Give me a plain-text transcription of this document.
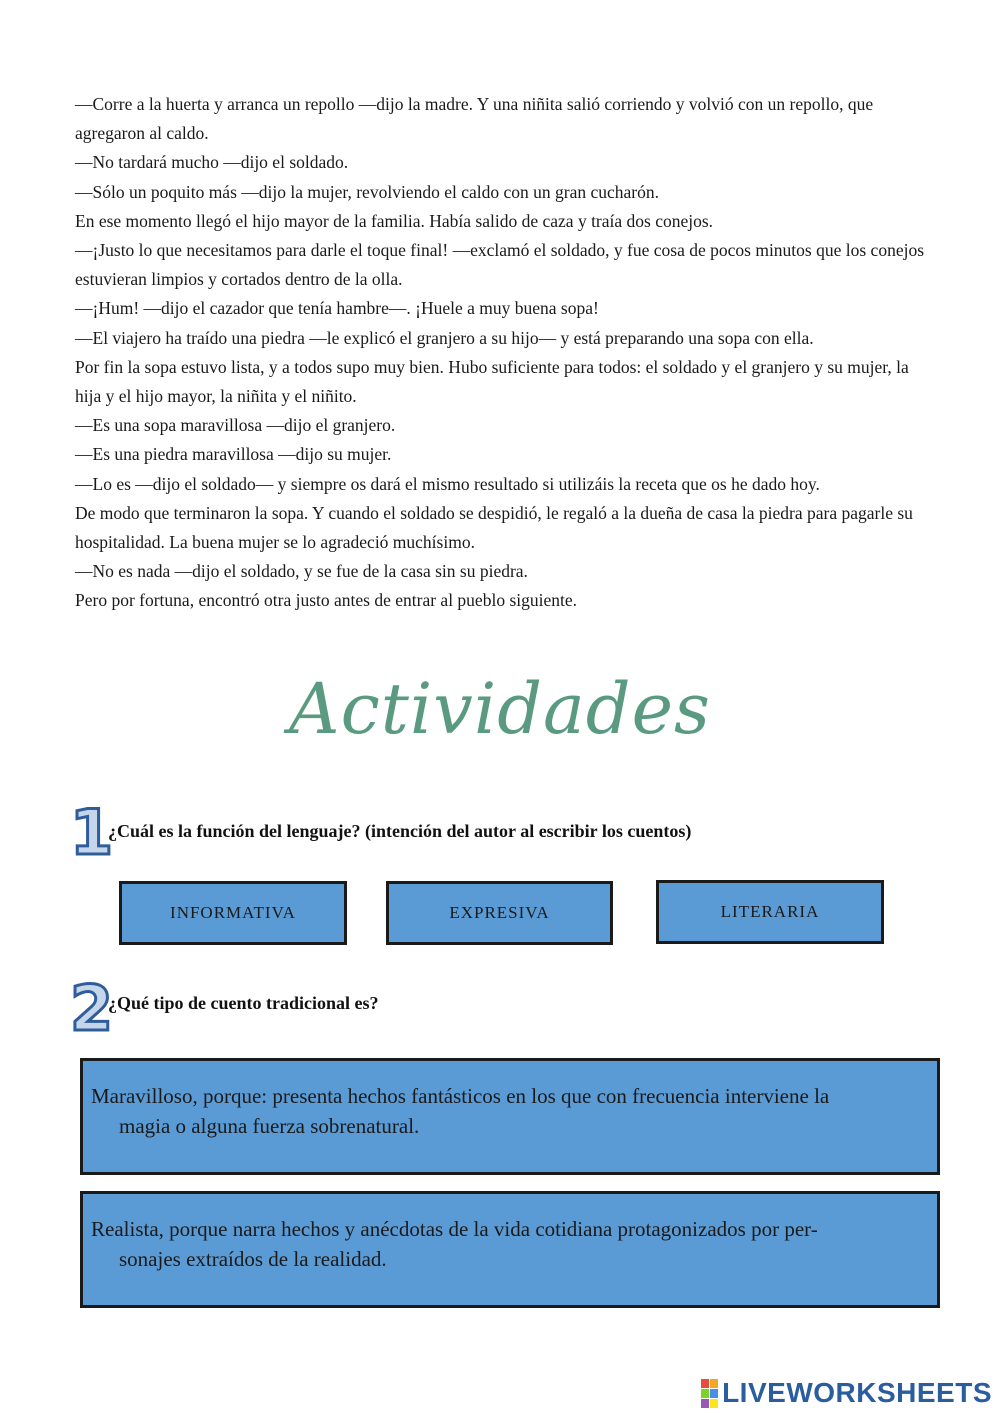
—Corre a la huerta y arranca un repollo —dijo la madre. Y una niñita salió corriendo y volvió con un repollo, que agregaron al caldo.

—No tardará mucho —dijo el soldado.

—Sólo un poquito más —dijo la mujer, revolviendo el caldo con un gran cucharón.

En ese momento llegó el hijo mayor de la familia. Había salido de caza y traía dos conejos.

—¡Justo lo que necesitamos para darle el toque final! —exclamó el soldado, y fue cosa de pocos minutos que los conejos estuvieran limpios y cortados dentro de la olla.

—¡Hum! —dijo el cazador que tenía hambre—. ¡Huele a muy buena sopa!

—El viajero ha traído una piedra —le explicó el granjero a su hijo— y está preparando una sopa con ella.

Por fin la sopa estuvo lista, y a todos supo muy bien. Hubo suficiente para todos: el soldado y el granjero y su mujer, la hija y el hijo mayor, la niñita y el niñito.

—Es una sopa maravillosa —dijo el granjero.

—Es una piedra maravillosa —dijo su mujer.

—Lo es —dijo el soldado— y siempre os dará el mismo resultado si utilizáis la receta que os he dado hoy.

De modo que terminaron la sopa. Y cuando el soldado se despidió, le regaló a la dueña de casa la piedra para pagarle su hospitalidad. La buena mujer se lo agradeció muchísimo.

—No es nada —dijo el soldado, y se fue de la casa sin su piedra.

Pero por fortuna, encontró otra justo antes de entrar al pueblo siguiente.

Actividades
1
¿Cuál es la función del lenguaje? (intención del autor al escribir los cuentos)
INFORMATIVA	EXPRESIVA	LITERARIA
2
¿Qué tipo de cuento tradicional es?
Maravilloso, porque: presenta hechos fantásticos en los que con frecuencia interviene la
magia o alguna fuerza sobrenatural.
Realista, porque narra hechos y anécdotas de la vida cotidiana protagonizados por per-
sonajes extraídos de la realidad.
LIVEWORKSHEETS
